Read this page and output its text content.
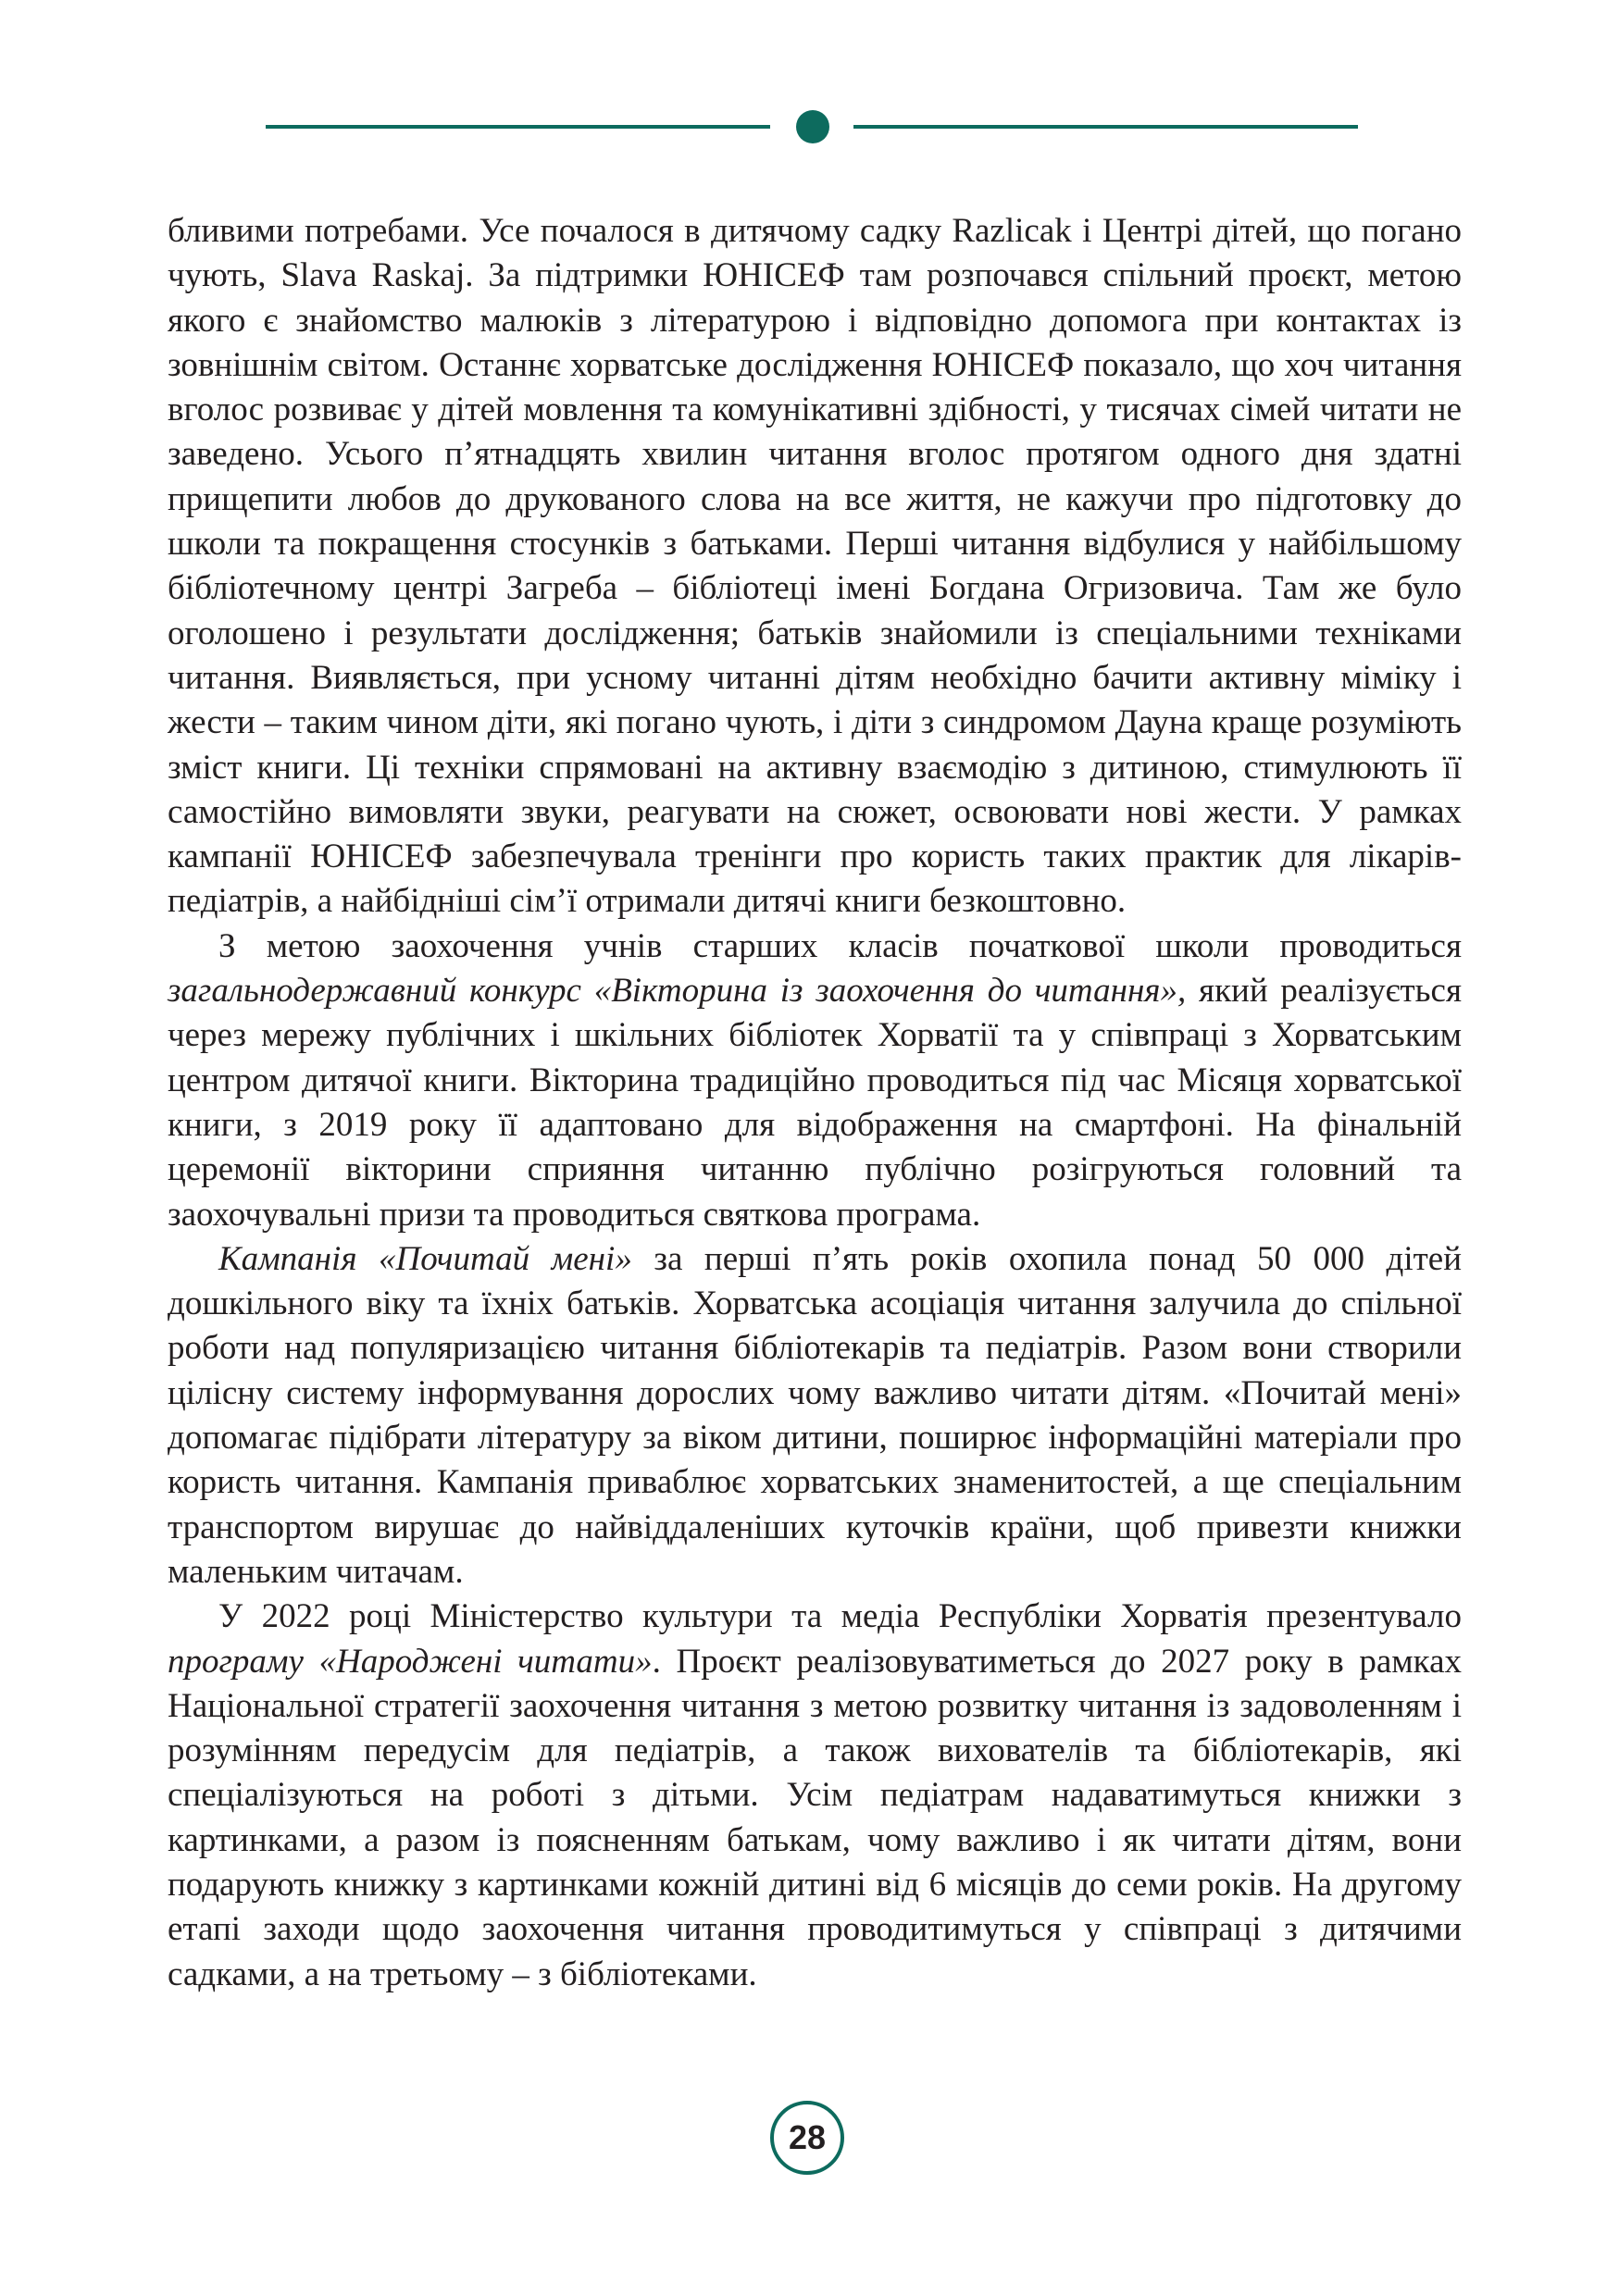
бливими потребами. Усе почалося в дитячому садку Razlicak і Центрі дітей, що погано чують, Slava Raskaj. За підтримки ЮНІСЕФ там розпочався спільний проєкт, метою якого є знайомство малюків з літературою і відповідно допомога при контактах із зовнішнім світом. Останнє хорватське дослідження ЮНІСЕФ показало, що хоч читання вголос розвиває у дітей мовлення та комунікативні здібності, у тисячах сімей читати не заведено. Усього п’ятнадцять хвилин читання вголос протягом одного дня здатні прищепити любов до друкованого слова на все життя, не кажучи про підготовку до школи та покращення стосунків з батьками. Перші читання відбулися у найбільшому бібліотечному центрі Загреба – бібліотеці імені Богдана Огризовича. Там же було оголошено і результати дослідження; батьків знайомили із спеціальними техніками читання. Виявляється, при усному читанні дітям необхідно бачити активну міміку і жести – таким чином діти, які погано чують, і діти з синдромом Дауна краще розуміють зміст книги. Ці техніки спрямовані на активну взаємодію з дитиною, стимулюють її самостійно вимовляти звуки, реагувати на сюжет, освоювати нові жести. У рамках кампанії ЮНІСЕФ забезпечувала тренінги про користь таких практик для лікарів-педіатрів, а найбідніші сім’ї отримали дитячі книги безкоштовно.

З метою заохочення учнів старших класів початкової школи проводиться загальнодержавний конкурс «Вікторина із заохочення до читання», який реалізується через мережу публічних і шкільних бібліотек Хорватії та у співпраці з Хорватським центром дитячої книги. Вікторина традиційно проводиться під час Місяця хорватської книги, з 2019 року її адаптовано для відображення на смартфоні. На фінальній церемонії вікторини сприяння читанню публічно розігруються головний та заохочувальні призи та проводиться святкова програма.

Кампанія «Почитай мені» за перші п’ять років охопила понад 50 000 дітей дошкільного віку та їхніх батьків. Хорватська асоціація читання залучила до спільної роботи над популяризацією читання бібліотекарів та педіатрів. Разом вони створили цілісну систему інформування дорослих чому важливо читати дітям. «Почитай мені» допомагає підібрати літературу за віком дитини, поширює інформаційні матеріали про користь читання. Кампанія приваблює хорватських знаменитостей, а ще спеціальним транспортом вирушає до найвіддаленіших куточків країни, щоб привезти книжки маленьким читачам.

У 2022 році Міністерство культури та медіа Республіки Хорватія презентувало програму «Народжені читати». Проєкт реалізовуватиметься до 2027 року в рамках Національної стратегії заохочення читання з метою розвитку читання із задоволенням і розумінням передусім для педіатрів, а також вихователів та бібліотекарів, які спеціалізуються на роботі з дітьми. Усім педіатрам надаватимуться книжки з картинками, а разом із поясненням батькам, чому важливо і як читати дітям, вони подарують книжку з картинками кожній дитині від 6 місяців до семи років. На другому етапі заходи щодо заохочення читання проводитимуться у співпраці з дитячими садками, а на третьому – з бібліотеками.

28
